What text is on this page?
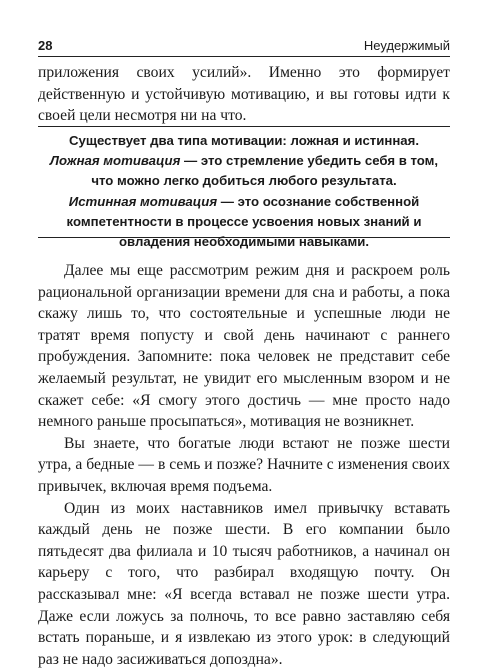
28	Неудержимый

приложения своих усилий». Именно это формирует действенную и устойчивую мотивацию, и вы готовы идти к своей цели несмотря ни на что.

Существует два типа мотивации: ложная и истинная.

Ложная мотивация — это стремление убедить себя в том, что можно легко добиться любого результата.

Истинная мотивация — это осознание собственной компетентности в процессе усвоения новых знаний и овладения необходимыми навыками.

Далее мы еще рассмотрим режим дня и раскроем роль рациональной организации времени для сна и работы, а пока скажу лишь то, что состоятельные и успешные люди не тратят время попусту и свой день начинают с раннего пробуждения. Запомните: пока человек не представит себе желаемый результат, не увидит его мысленным взором и не скажет себе: «Я смогу этого достичь — мне просто надо немного раньше просыпаться», мотивация не возникнет.

Вы знаете, что богатые люди встают не позже шести утра, а бедные — в семь и позже? Начните с изменения своих привычек, включая время подъема.

Один из моих наставников имел привычку вставать каждый день не позже шести. В его компании было пятьдесят два филиала и 10 тысяч работников, а начинал он карьеру с того, что разбирал входящую почту. Он рассказывал мне: «Я всегда вставал не позже шести утра. Даже если ложусь за полночь, то все равно заставляю себя встать пораньше, и я извлекаю из этого урок: в следующий раз не надо засиживаться допоздна».
